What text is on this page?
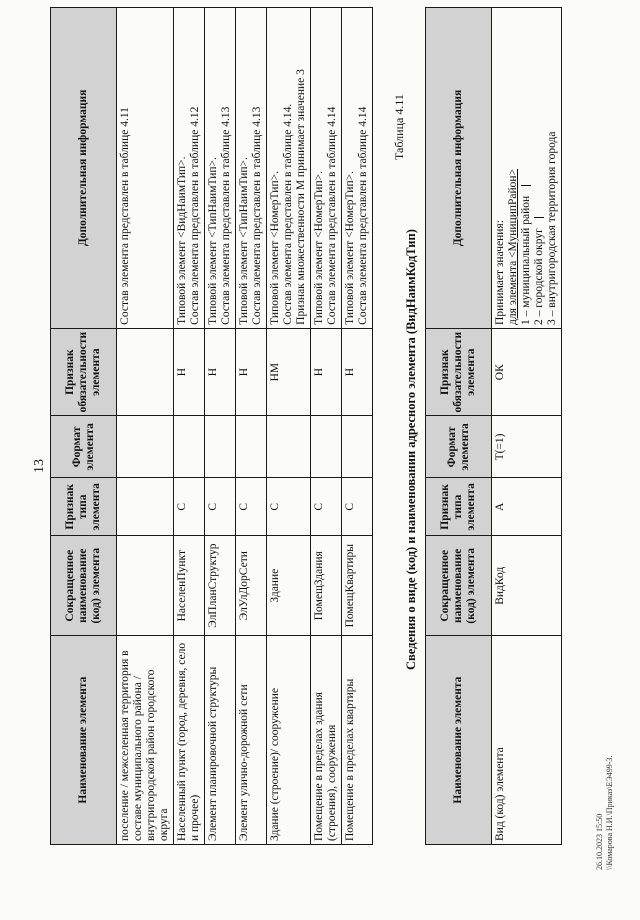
13
Наименование элемента	Сокращенное наименование (код) элемента	Признак типа элемента	Формат элемента	Признак обязательности элемента	Дополнительная информация
поселение / межселенная территория в составе муниципального района / внутригородской район городского округа					Состав элемента представлен в таблице 4.11

Населенный пункт (город, деревня, село и прочее)	НаселенПункт	С		Н	Типовой элемент <ВидНаимТип>. Состав элемента представлен в таблице 4.12

Элемент планировочной структуры	ЭлПланСтруктур	С		Н	Типовой элемент <ТипНаимТип>. Состав элемента представлен в таблице 4.13

Элемент улично-дорожной сети	ЭлУлДорСети	С		Н	Типовой элемент <ТипНаимТип>. Состав элемента представлен в таблице 4.13

Здание (строение)/ сооружение	Здание	С		НМ	Типовой элемент <НомерТип>. Состав элемента представлен в таблице 4.14. Признак множественности М принимает значение 3

Помещение в пределах здания (строения), сооружения	ПомещЗдания	С		Н	Типовой элемент <НомерТип>. Состав элемента представлен в таблице 4.14

Помещение в пределах квартиры	ПомещКвартиры	С		Н	Типовой элемент <НомерТип>. Состав элемента представлен в таблице 4.14 Таблица 4.11
Сведения о виде (код) и наименовании адресного элемента (ВидНаимКодТип)
Наименование элемента	Сокращенное наименование (код) элемента	Признак типа элемента	Формат элемента	Признак обязательности элемента	Дополнительная информация
Вид (код) элемента	ВидКод	А	T(=1)	ОК	Принимает значения: для элемента <МуниципРайон> 1 – муниципальный район 2 – городской округ 3 – внутригородская территория города
26.10.2023 15:50 \\Комарова Н.И.\Приказ\ЕЭ499-3.
